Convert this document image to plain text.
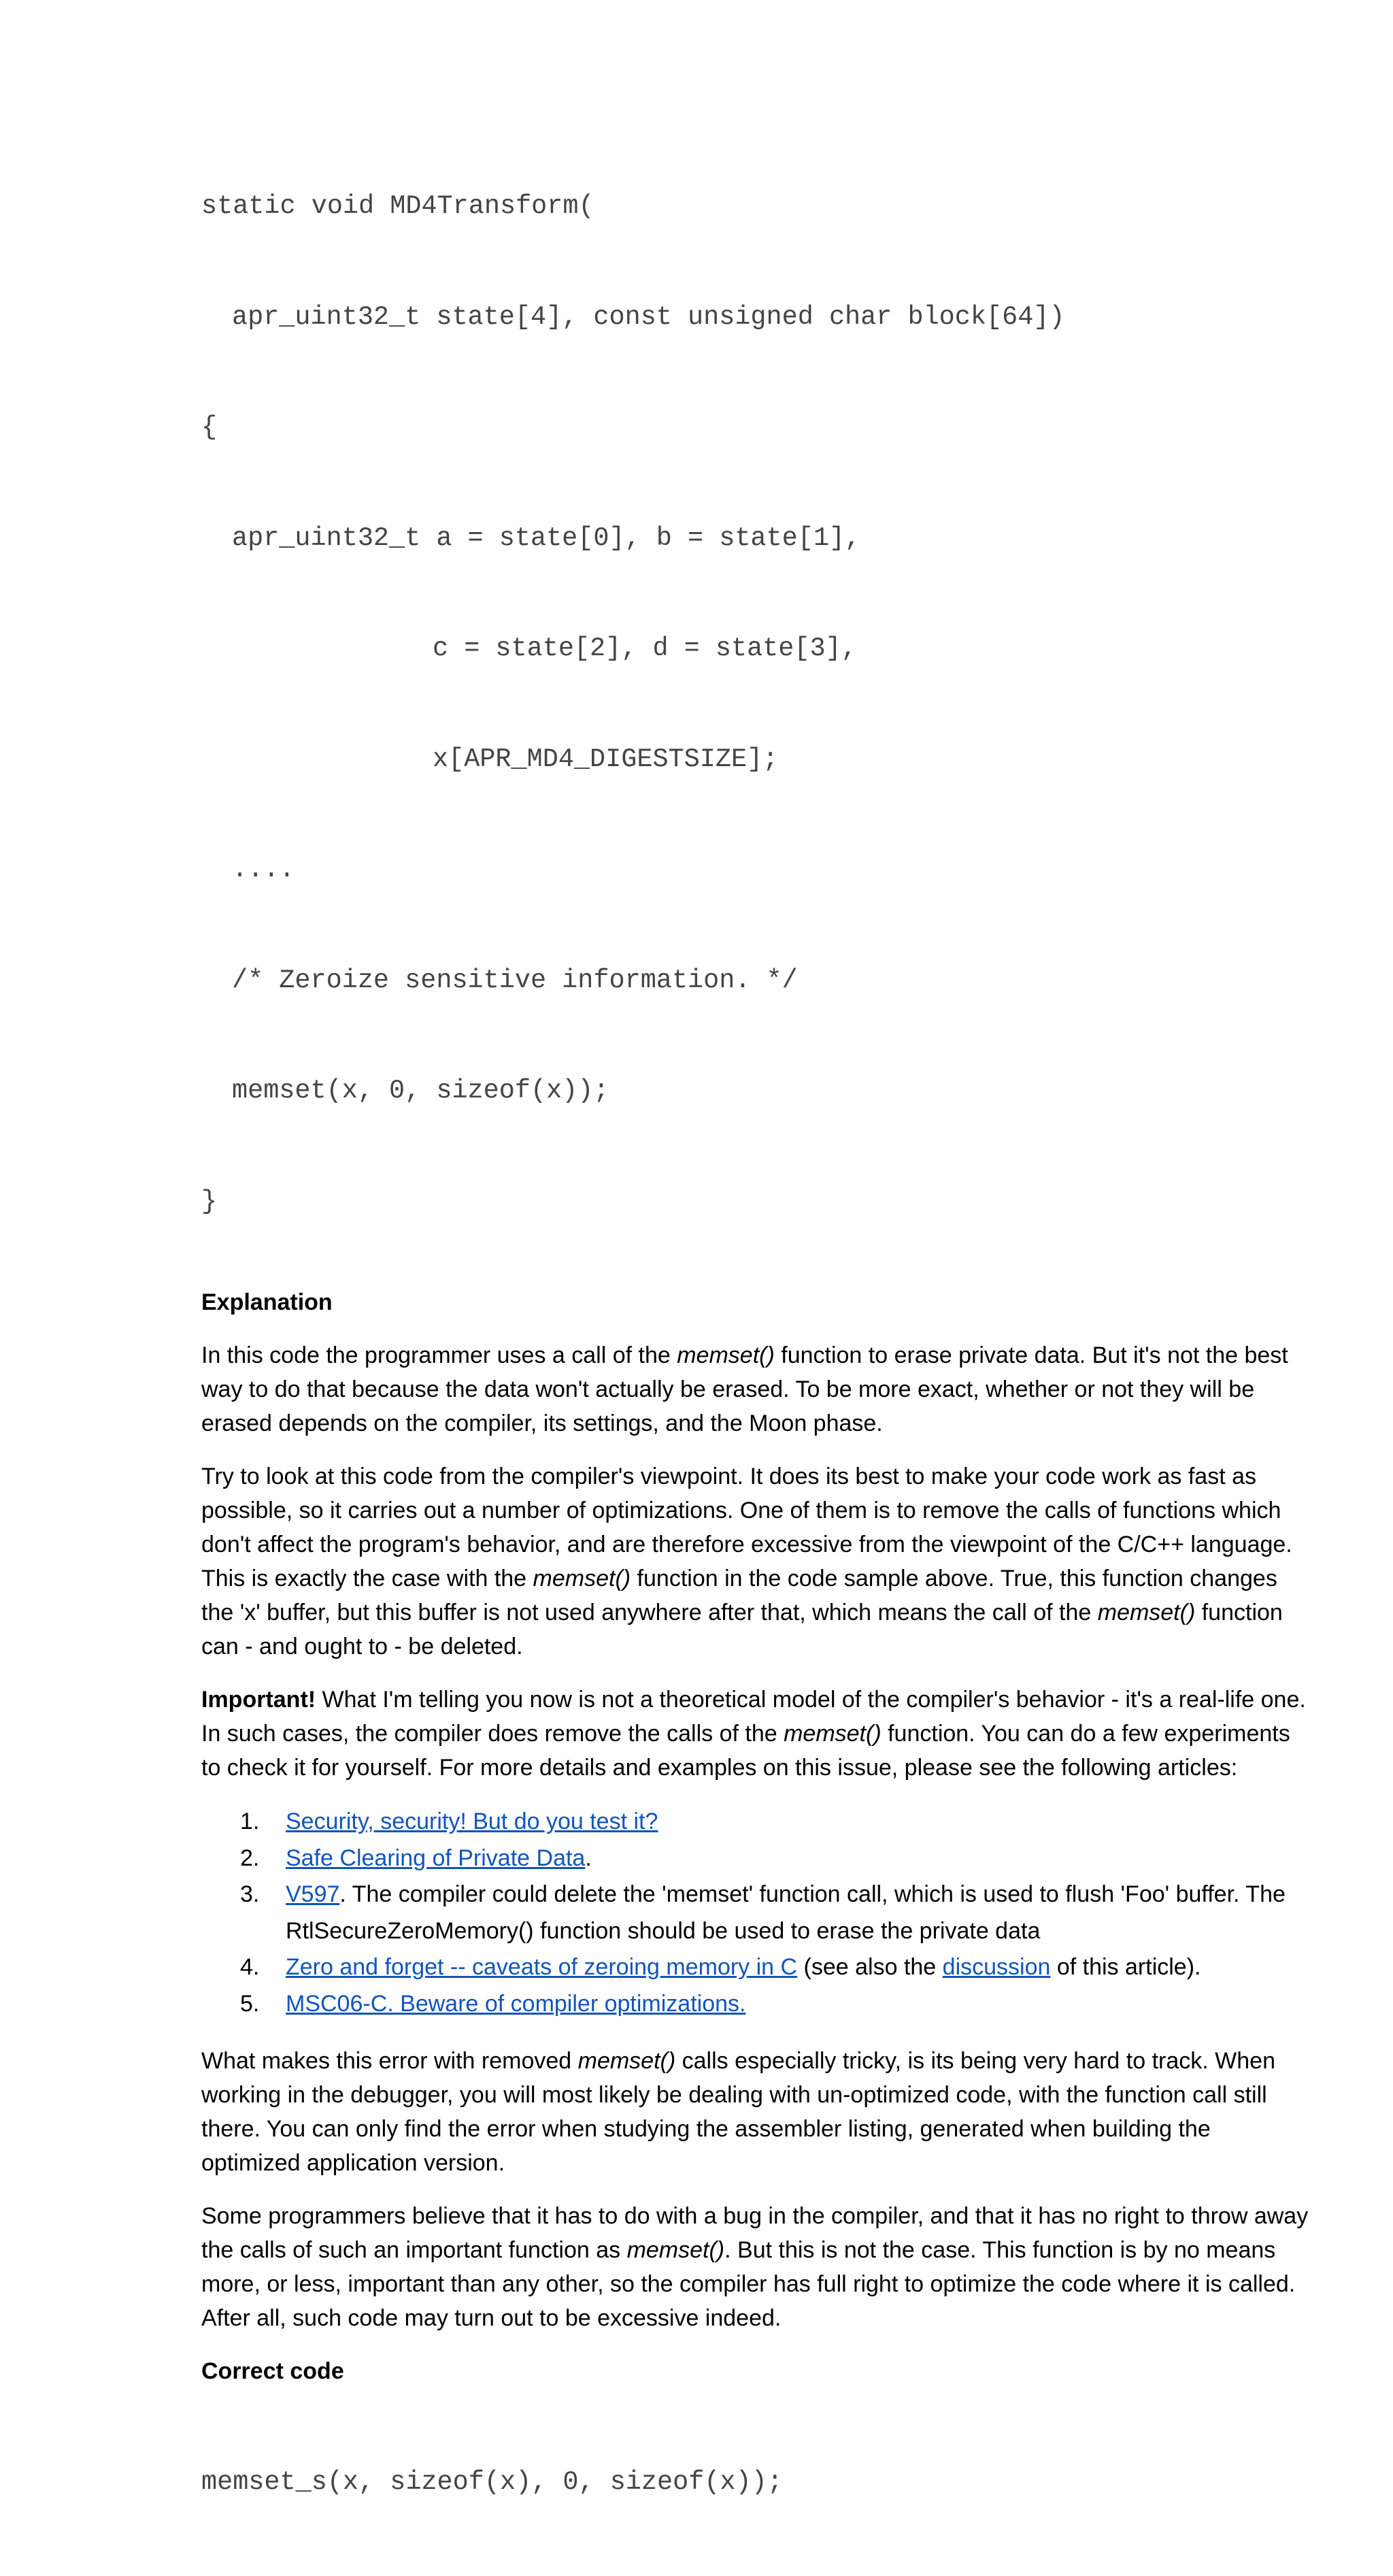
static void MD4Transform(

apr_uint32_t state[4], const unsigned char block[64])

{

apr_uint32_t a = state[0], b = state[1],

c = state[2], d = state[3],

x[APR_MD4_DIGESTSIZE];

....

/* Zeroize sensitive information. */

memset(x, 0, sizeof(x));

}

Explanation

In this code the programmer uses a call of the memset() function to erase private data. But it's not the best way to do that because the data won't actually be erased. To be more exact, whether or not they will be erased depends on the compiler, its settings, and the Moon phase.

Try to look at this code from the compiler's viewpoint. It does its best to make your code work as fast as possible, so it carries out a number of optimizations. One of them is to remove the calls of functions which don't affect the program's behavior, and are therefore excessive from the viewpoint of the C/C++ language. This is exactly the case with the memset() function in the code sample above. True, this function changes the 'x' buffer, but this buffer is not used anywhere after that, which means the call of the memset() function can - and ought to - be deleted.

Important! What I'm telling you now is not a theoretical model of the compiler's behavior - it's a real-life one. In such cases, the compiler does remove the calls of the memset() function. You can do a few experiments to check it for yourself. For more details and examples on this issue, please see the following articles:

1.	Security, security! But do you test it?
2.	Safe Clearing of Private Data.
3.	V597. The compiler could delete the 'memset' function call, which is used to flush 'Foo' buffer. The RtlSecureZeroMemory() function should be used to erase the private data
4.	Zero and forget -- caveats of zeroing memory in C (see also the discussion of this article).
5.	MSC06-C. Beware of compiler optimizations.

What makes this error with removed memset() calls especially tricky, is its being very hard to track. When working in the debugger, you will most likely be dealing with un-optimized code, with the function call still there. You can only find the error when studying the assembler listing, generated when building the optimized application version.

Some programmers believe that it has to do with a bug in the compiler, and that it has no right to throw away the calls of such an important function as memset(). But this is not the case. This function is by no means more, or less, important than any other, so the compiler has full right to optimize the code where it is called. After all, such code may turn out to be excessive indeed.

Correct code

memset_s(x, sizeof(x), 0, sizeof(x));
